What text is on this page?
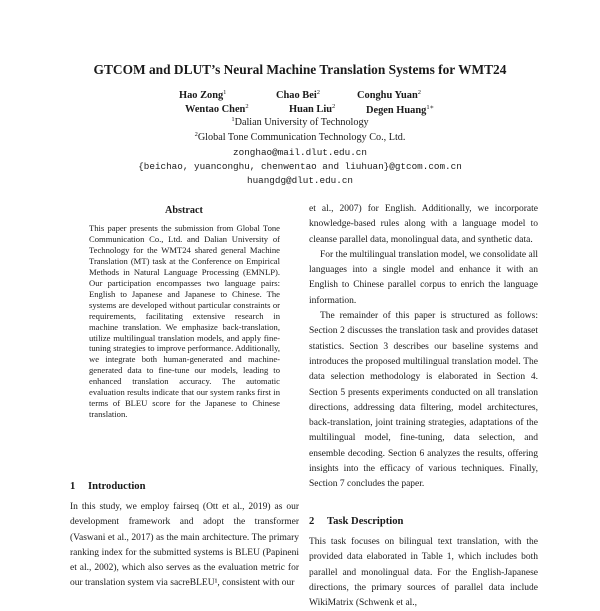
GTCOM and DLUT’s Neural Machine Translation Systems for WMT24
Hao Zong$^1$	Chao Bei$^2$	Conghu Yuan$^2$
Wentao Chen$^2$	Huan Liu$^2$	Degen Huang$^{1∗}$
$^1$Dalian University of Technology
$^2$Global Tone Communication Technology Co., Ltd.
zonghao@mail.dlut.edu.cn
{beichao, yuanconghu, chenwentao and liuhuan}@gtcom.com.cn
huangdg@dlut.edu.cn
Abstract

This paper presents the submission from Global Tone Communication Co., Ltd. and Dalian University of Technology for the WMT24 shared general Machine Translation (MT) task at the Conference on Empirical Methods in Natural Language Processing (EMNLP). Our participation encompasses two language pairs: English to Japanese and Japanese to Chinese. The systems are developed without particular constraints or requirements, facilitating extensive research in machine translation. We emphasize back-translation, utilize multilingual translation models, and apply fine-tuning strategies to improve performance. Additionally, we integrate both human-generated and machine-generated data to fine-tune our models, leading to enhanced translation accuracy. The automatic evaluation results indicate that our system ranks first in terms of BLEU score for the Japanese to Chinese translation.

1 Introduction

In this study, we employ fairseq (Ott et al., 2019) as our development framework and adopt the transformer (Vaswani et al., 2017) as the main architecture. The primary ranking index for the submitted systems is BLEU (Papineni et al., 2002), which also serves as the evaluation metric for our translation system via sacreBLEU¹, consistent with our

et al., 2007) for English. Additionally, we incorporate knowledge-based rules along with a language model to cleanse parallel data, monolingual data, and synthetic data.

For the multilingual translation model, we consolidate all languages into a single model and enhance it with an English to Chinese parallel corpus to enrich the language information.

The remainder of this paper is structured as follows: Section 2 discusses the translation task and provides dataset statistics. Section 3 describes our baseline systems and introduces the proposed multilingual translation model. The data selection methodology is elaborated in Section 4. Section 5 presents experiments conducted on all translation directions, addressing data filtering, model architectures, back-translation, joint training strategies, adaptations of the multilingual model, fine-tuning, data selection, and ensemble decoding. Section 6 analyzes the results, offering insights into the efficacy of various techniques. Finally, Section 7 concludes the paper.

2 Task Description

This task focuses on bilingual text translation, with the provided data elaborated in Table 1, which includes both parallel and monolingual data. For the English-Japanese directions, the primary sources of parallel data include WikiMatrix (Schwenk et al.,
